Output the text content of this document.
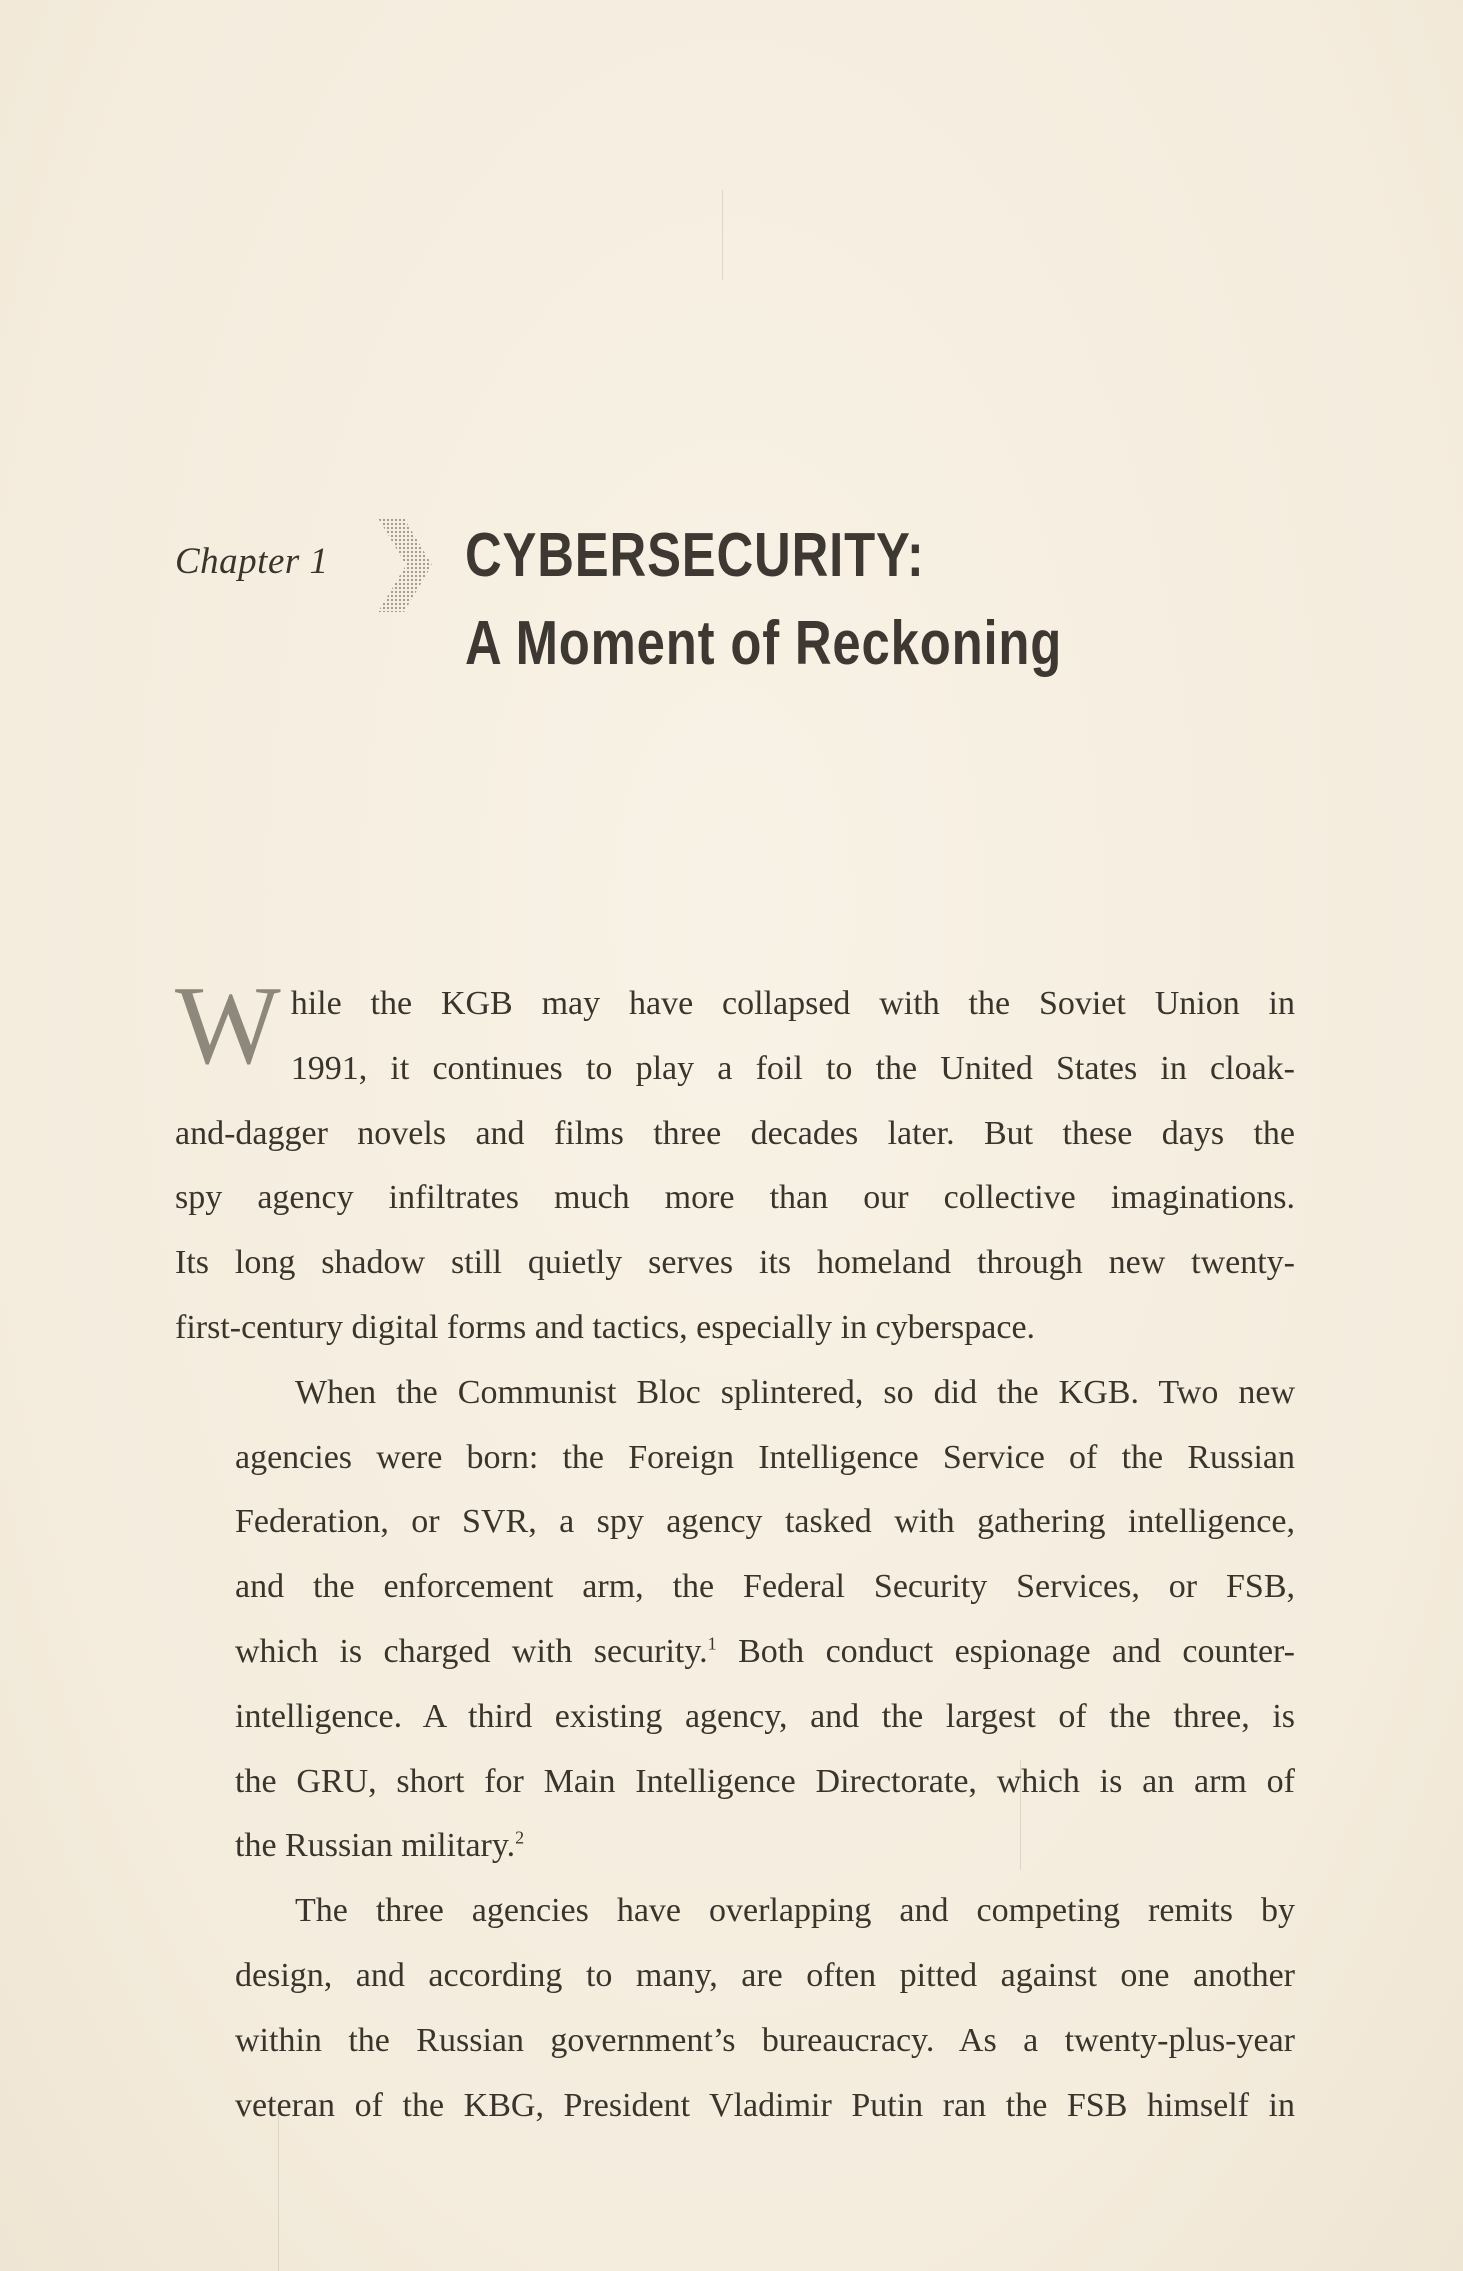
Chapter 1 CYBERSECURITY:
A Moment of Reckoning
W hile the KGB may have collapsed with the Soviet Union in
1991, it continues to play a foil to the United States in cloak-
and-dagger novels and films three decades later. But these days the
spy agency infiltrates much more than our collective imaginations.
Its long shadow still quietly serves its homeland through new twenty-
first-century digital forms and tactics, especially in cyberspace.
When the Communist Bloc splintered, so did the KGB. Two new
agencies were born: the Foreign Intelligence Service of the Russian
Federation, or SVR, a spy agency tasked with gathering intelligence,
and the enforcement arm, the Federal Security Services, or FSB,
which is charged with security.$^1$ Both conduct espionage and counter-
intelligence. A third existing agency, and the largest of the three, is
the GRU, short for Main Intelligence Directorate, which is an arm of
the Russian military.$^2$
The three agencies have overlapping and competing remits by
design, and according to many, are often pitted against one another
within the Russian government’s bureaucracy. As a twenty-plus-year
veteran of the KBG, President Vladimir Putin ran the FSB himself in
